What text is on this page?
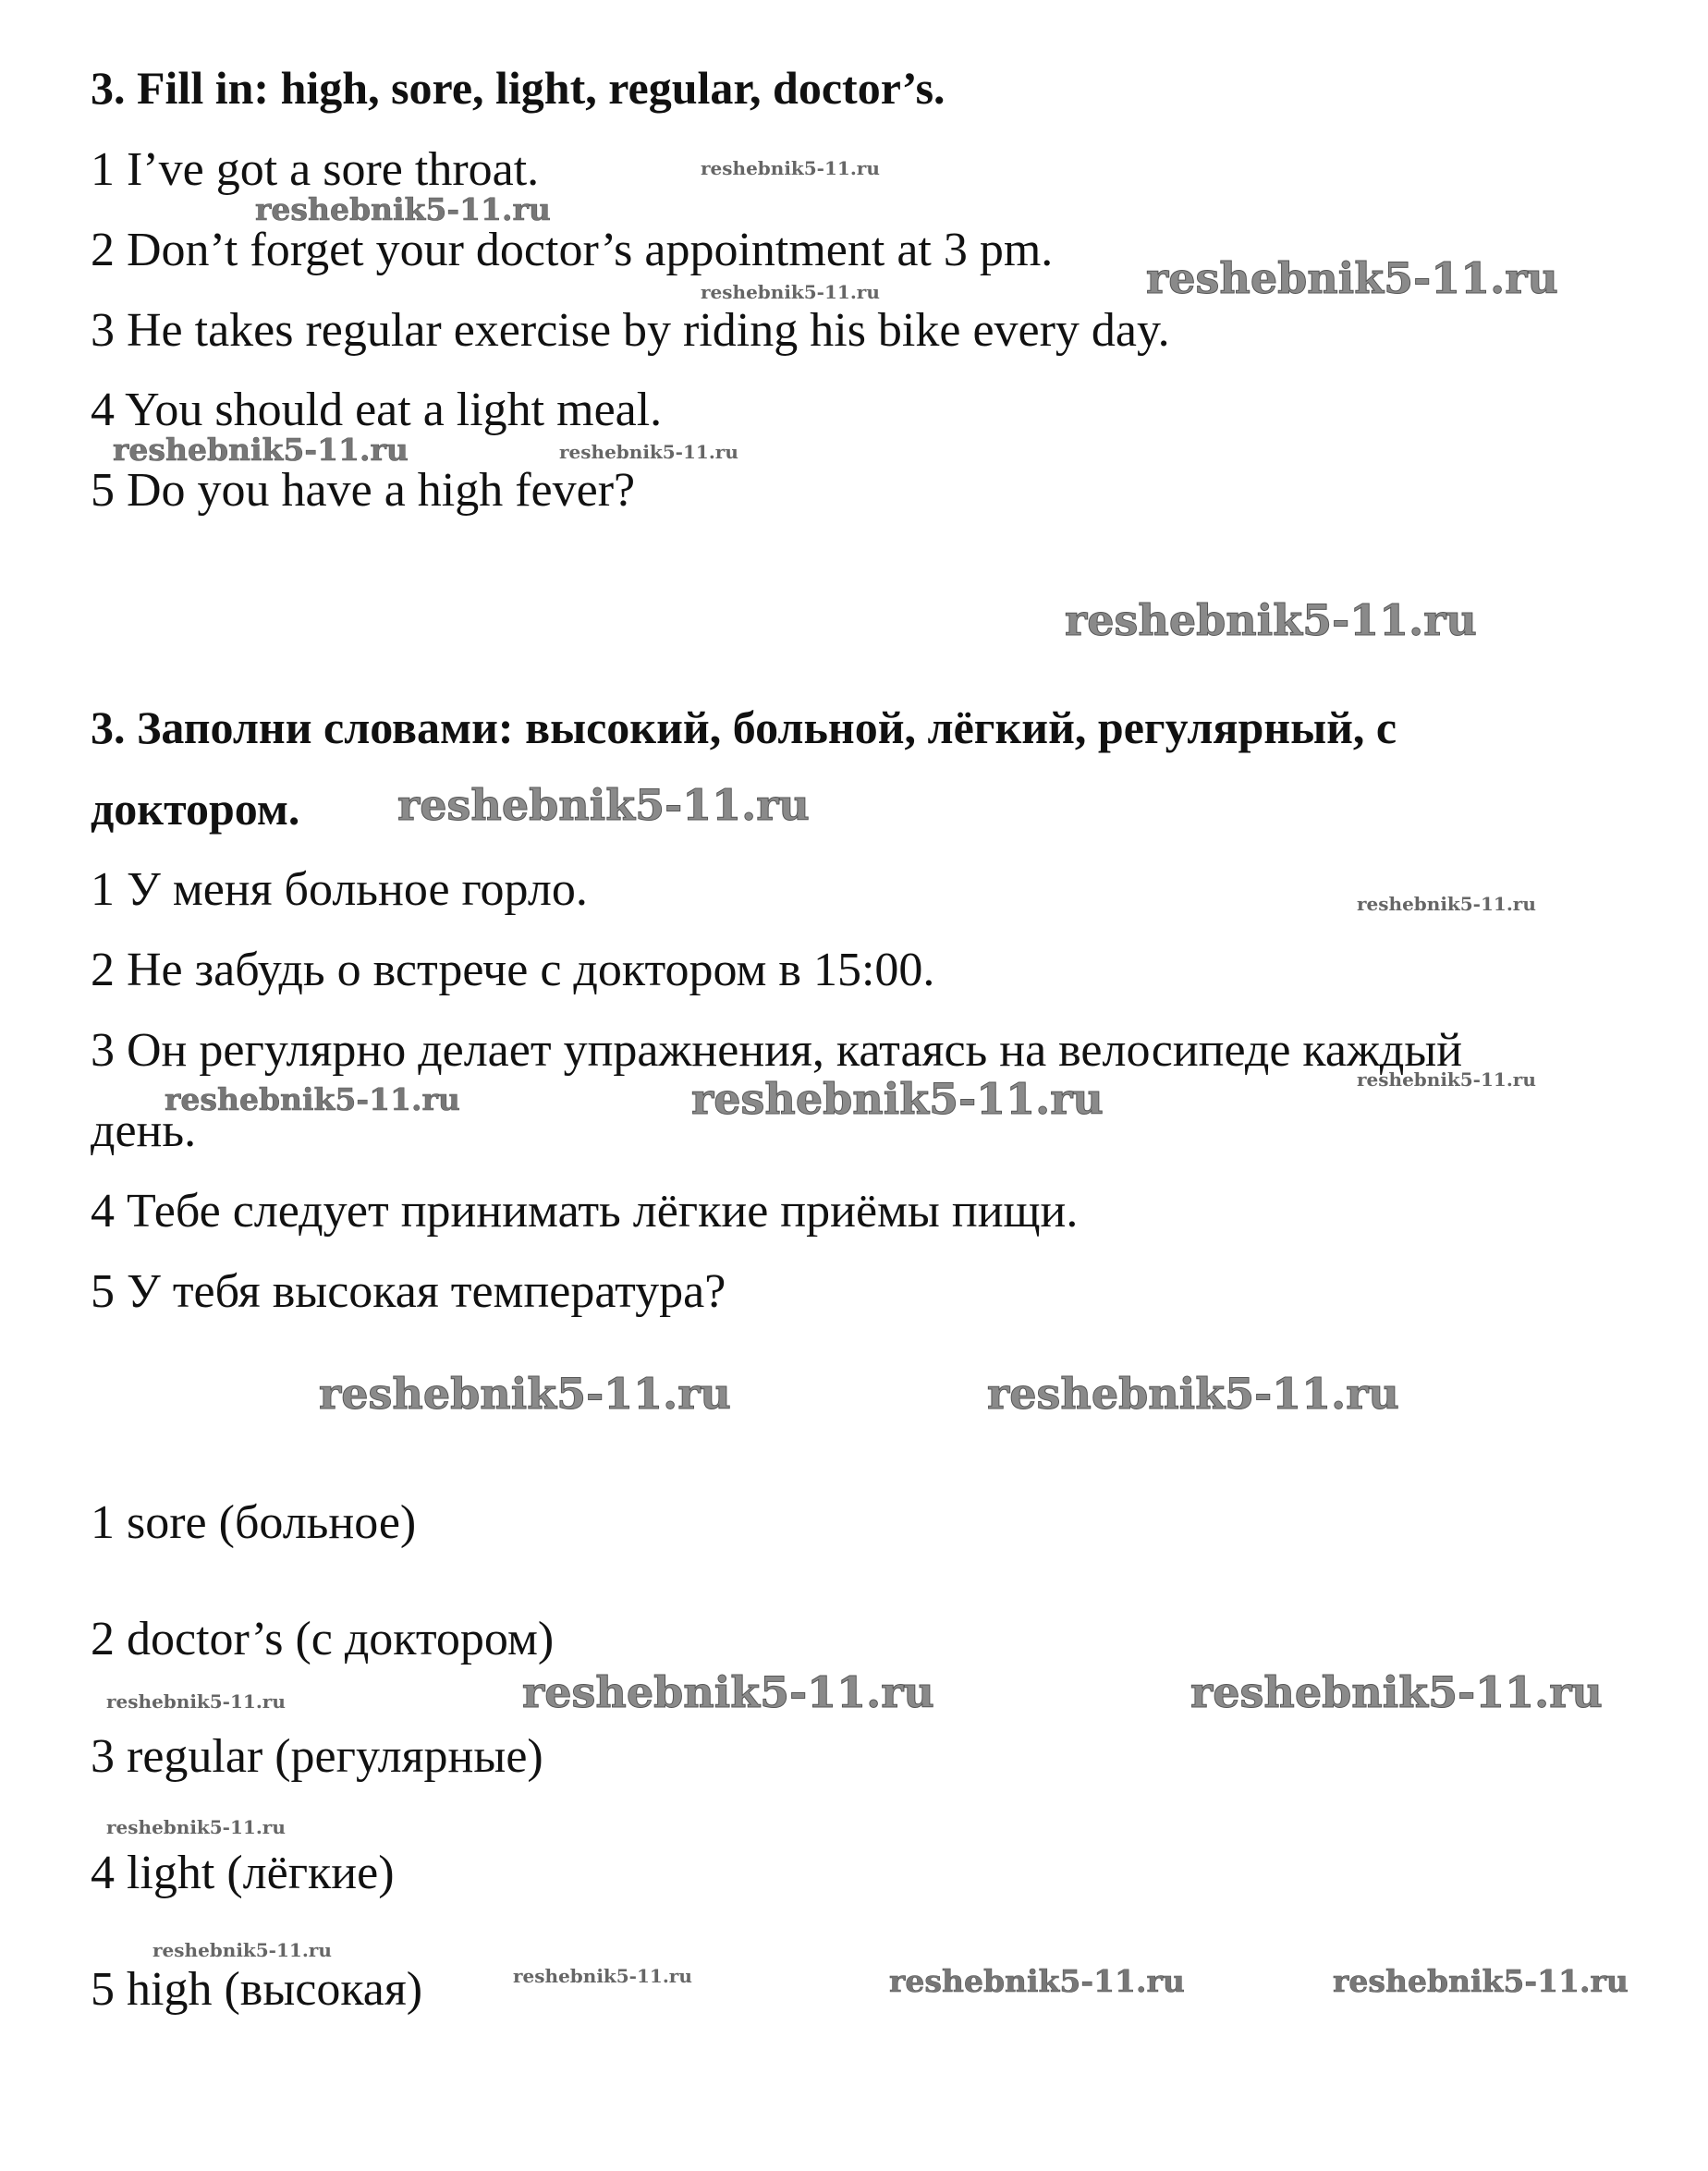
3. Fill in: high, sore, light, regular, doctor’s.
1 I’ve got a sore throat.
2 Don’t forget your doctor’s appointment at 3 pm.
3 He takes regular exercise by riding his bike every day.
4 You should eat a light meal.
5 Do you have a high fever?
3. Заполни словами: высокий, больной, лёгкий, регулярный, с
доктором.
1 У меня больное горло.
2 Не забудь о встрече с доктором в 15:00.
3 Он регулярно делает упражнения, катаясь на велосипеде каждый
день.
4 Тебе следует принимать лёгкие приёмы пищи.
5 У тебя высокая температура?
1 sore (больное)
2 doctor’s (с доктором)
3 regular (регулярные)
4 light (лёгкие)
5 high (высокая)
reshebnik5-11.ru
reshebnik5-11.ru
reshebnik5-11.ru
reshebnik5-11.ru
reshebnik5-11.ru	reshebnik5-11.ru
reshebnik5-11.ru
reshebnik5-11.ru
reshebnik5-11.ru
reshebnik5-11.ru	reshebnik5-11.ru	reshebnik5-11.ru
reshebnik5-11.ru	reshebnik5-11.ru
reshebnik5-11.ru	reshebnik5-11.ru	reshebnik5-11.ru
reshebnik5-11.ru
reshebnik5-11.ru
reshebnik5-11.ru	reshebnik5-11.ru	reshebnik5-11.ru
